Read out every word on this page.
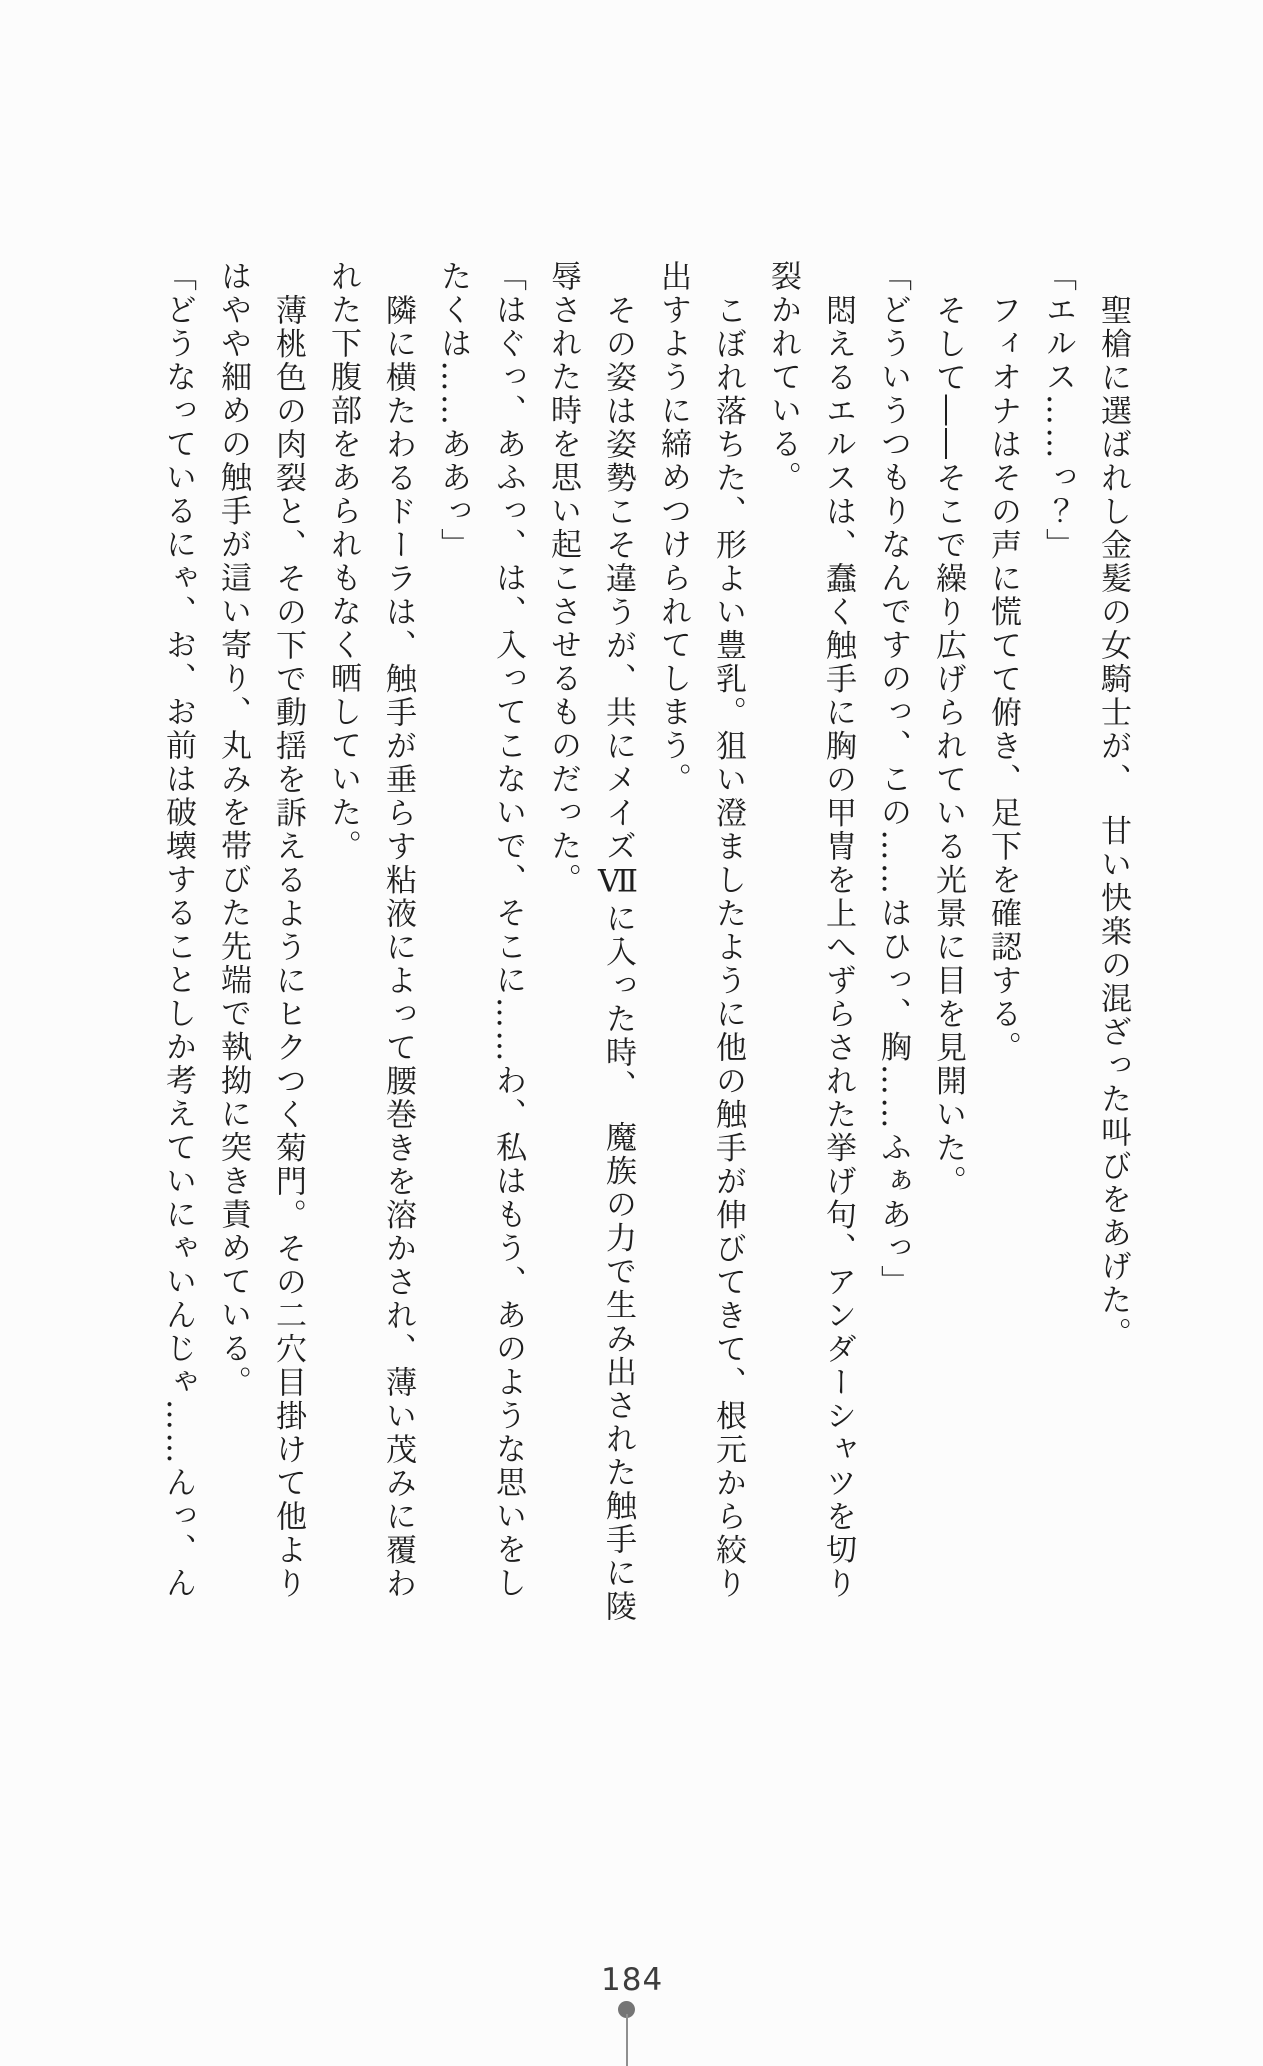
聖槍に選ばれし金髪の女騎士が、　甘い快楽の混ざった叫びをあげた。
「エルス……っ？」
フィオナはその声に慌てて俯き、足下を確認する。
そして――そこで繰り広げられている光景に目を見開いた。
「どういうつもりなんですのっ、この……はひっ、胸……ふぁあっ」
悶えるエルスは、蠢く触手に胸の甲冑を上へずらされた挙げ句、アンダーシャツを切り
裂かれている。
こぼれ落ちた、形よい豊乳。狙い澄ましたように他の触手が伸びてきて、根元から絞り
出すように締めつけられてしまう。
その姿は姿勢こそ違うが、共にメイズⅦに入った時、　魔族の力で生み出された触手に陵
辱された時を思い起こさせるものだった。
「はぐっ、あふっ、は、入ってこないで、そこに……わ、私はもう、あのような思いをし
たくは……ああっ」
隣に横たわるドーラは、触手が垂らす粘液によって腰巻きを溶かされ、薄い茂みに覆わ
れた下腹部をあられもなく晒していた。
薄桃色の肉裂と、その下で動揺を訴えるようにヒクつく菊門。その二穴目掛けて他より
はやや細めの触手が這い寄り、丸みを帯びた先端で執拗に突き責めている。
「どうなっているにゃ、お、お前は破壊することしか考えていにゃいんじゃ……んっ、ん
184
